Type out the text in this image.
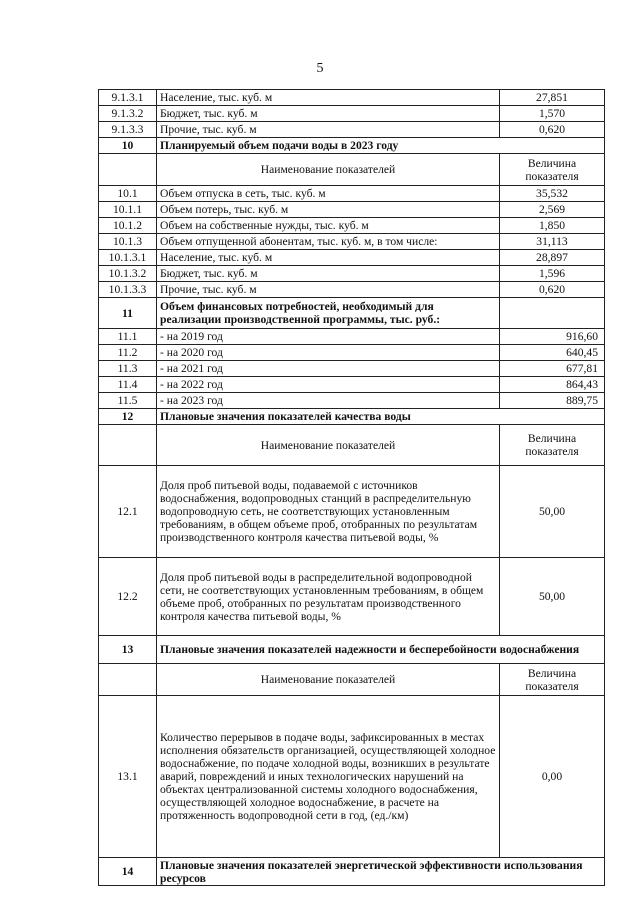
5
9.1.3.1	Население, тыс. куб. м	27,851
9.1.3.2	Бюджет, тыс. куб. м	1,570
9.1.3.3	Прочие, тыс. куб. м	0,620
10	Планируемый объем подачи воды в 2023 году	
	Наименование показателей	Величина показателя
10.1	Объем отпуска в сеть, тыс. куб. м	35,532
10.1.1	Объем потерь, тыс. куб. м	2,569
10.1.2	Объем на собственные нужды, тыс. куб. м	1,850
10.1.3	Объем отпущенной абонентам, тыс. куб. м, в том числе:	31,113
10.1.3.1	Население, тыс. куб. м	28,897
10.1.3.2	Бюджет, тыс. куб. м	1,596
10.1.3.3	Прочие, тыс. куб. м	0,620
11	Объем финансовых потребностей, необходимый для реализации производственной программы, тыс. руб.:	
11.1	- на 2019 год	916,60
11.2	- на 2020 год	640,45
11.3	- на 2021 год	677,81
11.4	- на 2022 год	864,43
11.5	- на 2023 год	889,75
12	Плановые значения показателей качества воды	
	Наименование показателей	Величина показателя
12.1	Доля проб питьевой воды, подаваемой с источников водоснабжения, водопроводных станций в распределительную водопроводную сеть, не соответствующих установленным требованиям, в общем объеме проб, отобранных по результатам производственного контроля качества питьевой воды, %	50,00
12.2	Доля проб питьевой воды в распределительной водопроводной сети, не соответствующих установленным требованиям, в общем объеме проб, отобранных по результатам производственного контроля качества питьевой воды, %	50,00
13	Плановые значения показателей надежности и бесперебойности водоснабжения	
	Наименование показателей	Величина показателя
13.1	Количество перерывов в подаче воды, зафиксированных в местах исполнения обязательств организацией, осуществляющей холодное водоснабжение, по подаче холодной воды, возникших в результате аварий, повреждений и иных технологических нарушений на объектах централизованной системы холодного водоснабжения, осуществляющей холодное водоснабжение, в расчете на протяженность водопроводной сети в год, (ед./км)	0,00
14	Плановые значения показателей энергетической эффективности использования ресурсов	
